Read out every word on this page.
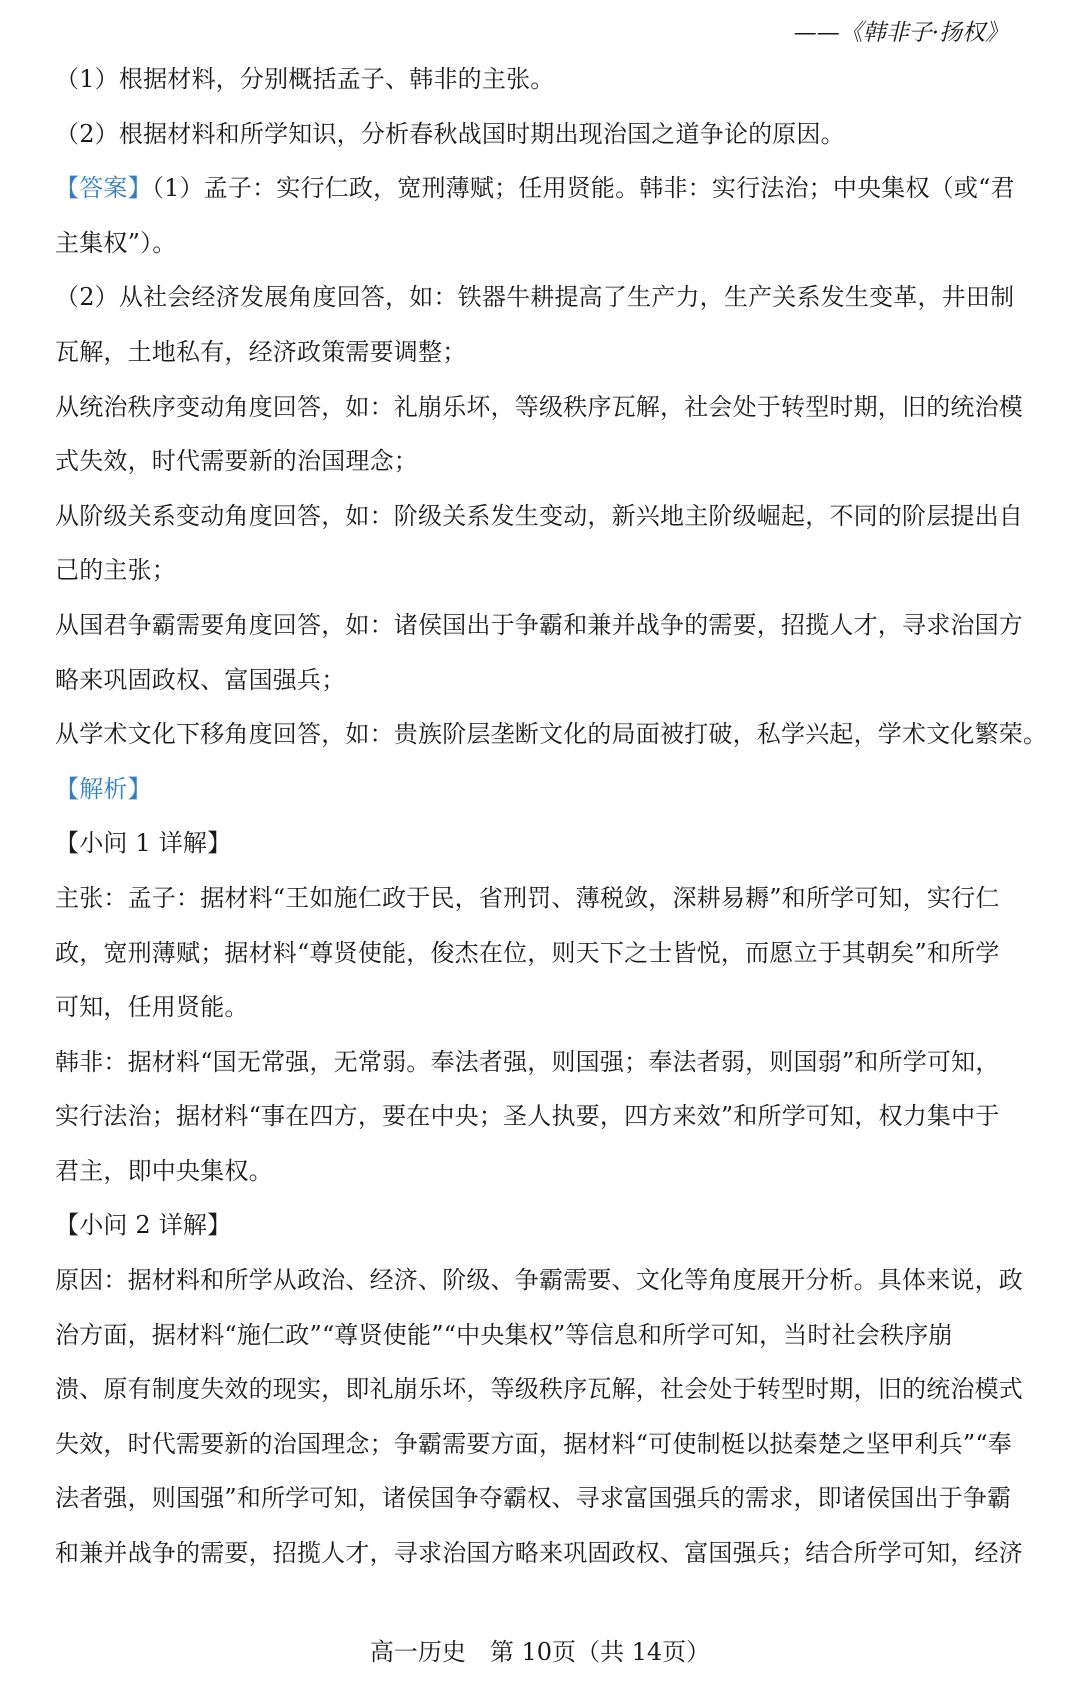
——《韩非子·扬权》
（1）根据材料，分别概括孟子、韩非的主张。
（2）根据材料和所学知识，分析春秋战国时期出现治国之道争论的原因。
【答案】（1）孟子：实行仁政，宽刑薄赋；任用贤能。韩非：实行法治；中央集权（或“君
主集权”）。
（2）从社会经济发展角度回答，如：铁器牛耕提高了生产力，生产关系发生变革，井田制
瓦解，土地私有，经济政策需要调整；
从统治秩序变动角度回答，如：礼崩乐坏，等级秩序瓦解，社会处于转型时期，旧的统治模
式失效，时代需要新的治国理念；
从阶级关系变动角度回答，如：阶级关系发生变动，新兴地主阶级崛起，不同的阶层提出自
己的主张；
从国君争霸需要角度回答，如：诸侯国出于争霸和兼并战争的需要，招揽人才，寻求治国方
略来巩固政权、富国强兵；
从学术文化下移角度回答，如：贵族阶层垄断文化的局面被打破，私学兴起，学术文化繁荣。
【解析】
【小问 1 详解】
主张：孟子：据材料“王如施仁政于民，省刑罚、薄税敛，深耕易耨”和所学可知，实行仁
政，宽刑薄赋；据材料“尊贤使能，俊杰在位，则天下之士皆悦，而愿立于其朝矣”和所学
可知，任用贤能。
韩非：据材料“国无常强，无常弱。奉法者强，则国强；奉法者弱，则国弱”和所学可知，
实行法治；据材料“事在四方，要在中央；圣人执要，四方来效”和所学可知，权力集中于
君主，即中央集权。
【小问 2 详解】
原因：据材料和所学从政治、经济、阶级、争霸需要、文化等角度展开分析。具体来说，政
治方面，据材料“施仁政”“尊贤使能”“中央集权”等信息和所学可知，当时社会秩序崩
溃、原有制度失效的现实，即礼崩乐坏，等级秩序瓦解，社会处于转型时期，旧的统治模式
失效，时代需要新的治国理念；争霸需要方面，据材料“可使制梃以挞秦楚之坚甲利兵”“奉
法者强，则国强”和所学可知，诸侯国争夺霸权、寻求富国强兵的需求，即诸侯国出于争霸
和兼并战争的需要，招揽人才，寻求治国方略来巩固政权、富国强兵；结合所学可知，经济
高一历史　第 10页（共 14页）
